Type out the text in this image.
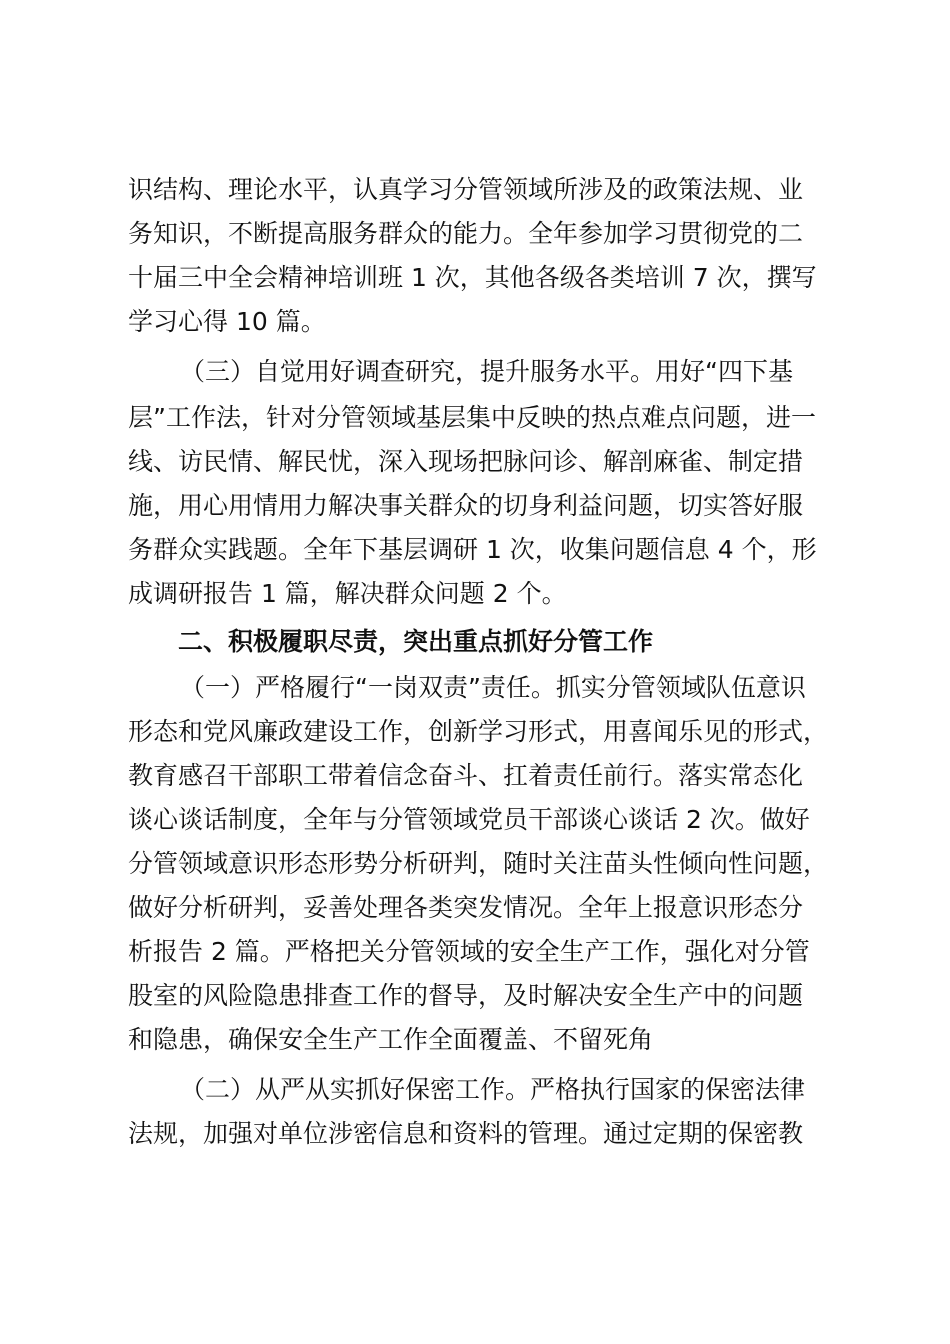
识结构、理论水平，认真学习分管领域所涉及的政策法规、业
务知识，不断提高服务群众的能力。全年参加学习贯彻党的二
十届三中全会精神培训班 1 次，其他各级各类培训 7 次，撰写
学习心得 10 篇。
（三）自觉用好调查研究，提升服务水平。用好“四下基
层”工作法，针对分管领域基层集中反映的热点难点问题，进一
线、访民情、解民忧，深入现场把脉问诊、解剖麻雀、制定措
施，用心用情用力解决事关群众的切身利益问题，切实答好服
务群众实践题。全年下基层调研 1 次，收集问题信息 4 个，形
成调研报告 1 篇，解决群众问题 2 个。
二、积极履职尽责，突出重点抓好分管工作
（一）严格履行“一岗双责”责任。抓实分管领域队伍意识
形态和党风廉政建设工作，创新学习形式，用喜闻乐见的形式，
教育感召干部职工带着信念奋斗、扛着责任前行。落实常态化
谈心谈话制度，全年与分管领域党员干部谈心谈话 2 次。做好
分管领域意识形态形势分析研判，随时关注苗头性倾向性问题，
做好分析研判，妥善处理各类突发情况。全年上报意识形态分
析报告 2 篇。严格把关分管领域的安全生产工作，强化对分管
股室的风险隐患排查工作的督导，及时解决安全生产中的问题
和隐患，确保安全生产工作全面覆盖、不留死角
（二）从严从实抓好保密工作。严格执行国家的保密法律
法规，加强对单位涉密信息和资料的管理。通过定期的保密教
